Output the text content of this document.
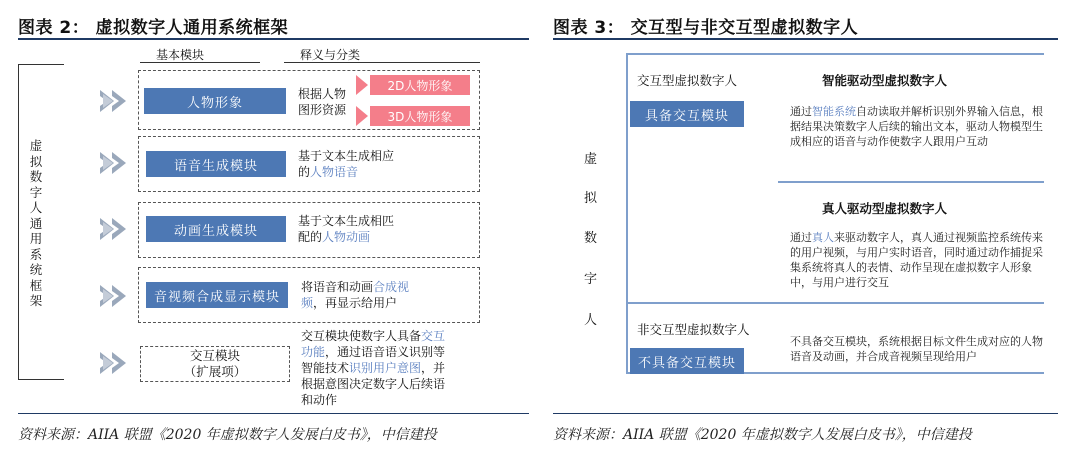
图表 2： 虚拟数字人通用系统框架
基本模块	释义与分类
虚
拟
数
字
人
通
用
系
统
框
架
人物形象
根据人物
图形资源
2D人物形象
3D人物形象
语音生成模块
基于文本生成相应
的人物语音
动画生成模块
基于文本生成相匹
配的人物动画
音视频合成显示模块
将语音和动画合成视
频，再显示给用户
交互模块
（扩展项）
交互模块使数字人具备交互
功能，通过语音语义识别等
智能技术识别用户意图，并
根据意图决定数字人后续语
和动作
资料来源：AIIA 联盟《2020 年虚拟数字人发展白皮书》，中信建投
图表 3： 交互型与非交互型虚拟数字人
虚
拟
数
字
人
交互型虚拟数字人
具备交互模块
智能驱动型虚拟数字人
通过智能系统自动读取并解析识别外界输入信息，根据结果决策数字人后续的输出文本，驱动人物模型生成相应的语音与动作使数字人跟用户互动
真人驱动型虚拟数字人
通过真人来驱动数字人，真人通过视频监控系统传来的用户视频，与用户实时语音，同时通过动作捕捉采集系统将真人的表情、动作呈现在虚拟数字人形象中，与用户进行交互
非交互型虚拟数字人
不具备交互模块
不具备交互模块，系统根据目标文件生成对应的人物语音及动画，并合成音视频呈现给用户
资料来源：AIIA 联盟《2020 年虚拟数字人发展白皮书》，中信建投
